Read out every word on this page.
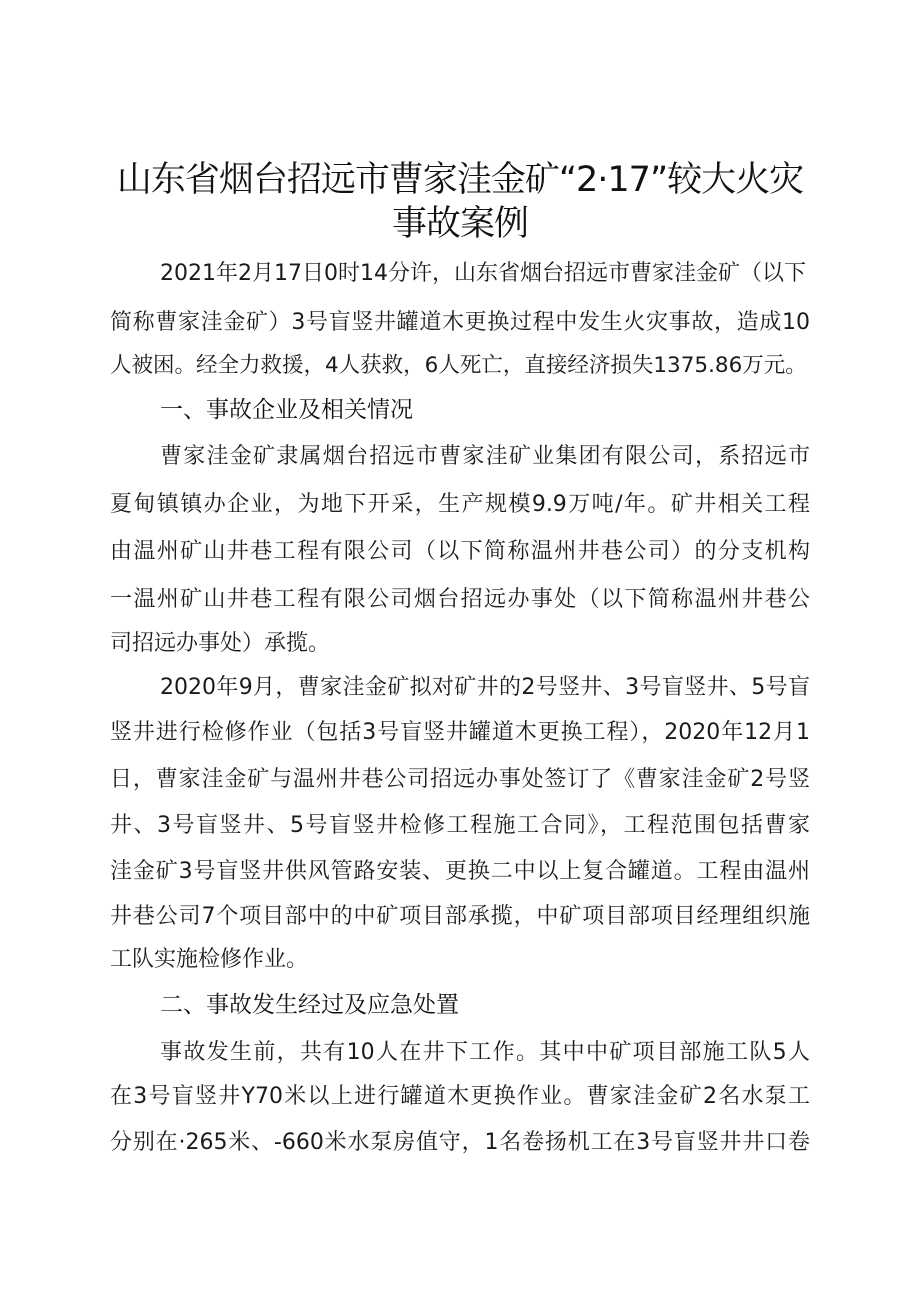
山东省烟台招远市曹家洼金矿“2·17”较大火灾
事故案例
2021年2月17日0时14分许，山东省烟台招远市曹家洼金矿（以下
简称曹家洼金矿）3号盲竖井罐道木更换过程中发生火灾事故，造成10
人被困。经全力救援，4人获救，6人死亡，直接经济损失1375.86万元。
一、事故企业及相关情况
曹家洼金矿隶属烟台招远市曹家洼矿业集团有限公司，系招远市
夏甸镇镇办企业，为地下开采，生产规模9.9万吨/年。矿井相关工程
由温州矿山井巷工程有限公司（以下简称温州井巷公司）的分支机构
一温州矿山井巷工程有限公司烟台招远办事处（以下简称温州井巷公
司招远办事处）承揽。
2020年9月，曹家洼金矿拟对矿井的2号竖井、3号盲竖井、5号盲
竖井进行检修作业（包括3号盲竖井罐道木更换工程），2020年12月1
日，曹家洼金矿与温州井巷公司招远办事处签订了《曹家洼金矿2号竖
井、3号盲竖井、5号盲竖井检修工程施工合同》，工程范围包括曹家
洼金矿3号盲竖井供风管路安装、更换二中以上复合罐道。工程由温州
井巷公司7个项目部中的中矿项目部承揽，中矿项目部项目经理组织施
工队实施检修作业。
二、事故发生经过及应急处置
事故发生前，共有10人在井下工作。其中中矿项目部施工队5人
在3号盲竖井Y70米以上进行罐道木更换作业。曹家洼金矿2名水泵工
分别在·265米、-660米水泵房值守，1名卷扬机工在3号盲竖井井口卷
